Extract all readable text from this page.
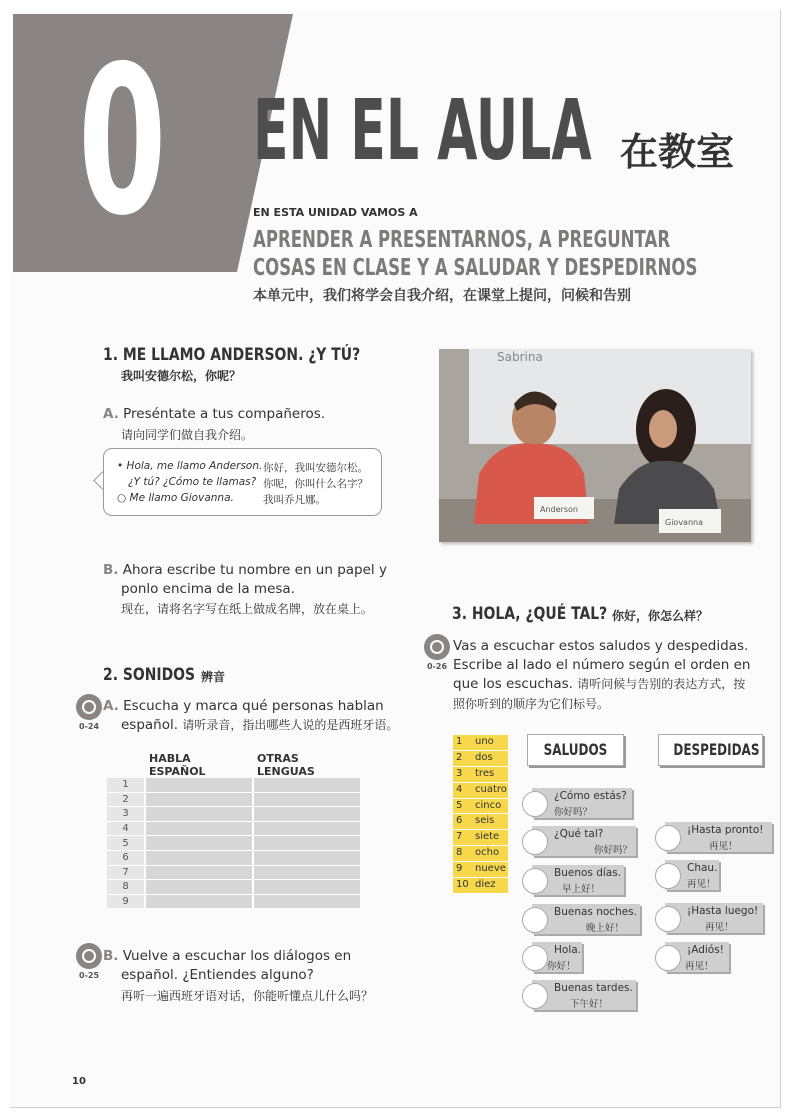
0 EN EL AULA 在教室
EN ESTA UNIDAD VAMOS A
APRENDER A PRESENTARNOS, A PREGUNTAR
COSAS EN CLASE Y A SALUDAR Y DESPEDIRNOS
本单元中，我们将学会自我介绍，在课堂上提问，问候和告别
1. ME LLAMO ANDERSON. ¿Y TÚ?
我叫安德尔松，你呢？
A. Preséntate a tus compañeros.
请向同学们做自我介绍。
• Hola, me llamo Anderson. 你好，我叫安德尔松。
¿Y tú? ¿Cómo te llamas? 你呢，你叫什么名字？
○ Me llamo Giovanna.	我叫乔凡娜。
B. Ahora escribe tu nombre en un papel y
ponlo encima de la mesa.
现在，请将名字写在纸上做成名牌，放在桌上。
Sabrina
Anderson
Giovanna
2. SONIDOS 辨音
0-24
A. Escucha y marca qué personas hablan
español. 请听录音，指出哪些人说的是西班牙语。
	HABLA ESPAÑOL	OTRAS LENGUAS
1		
2		
3		
4		
5		
6		
7		
8		
9		
0-25
B. Vuelve a escuchar los diálogos en
español. ¿Entiendes alguno?
再听一遍西班牙语对话，你能听懂点儿什么吗？
3. HOLA, ¿QUÉ TAL? 你好，你怎么样？
0-26
Vas a escuchar estos saludos y despedidas.
Escribe al lado el número según el orden en
que los escuchas. 请听问候与告别的表达方式，按
照你听到的顺序为它们标号。
1 uno
2 dos
3 tres
4 cuatro
5 cinco
6 seis
7 siete
8 ocho
9 nueve
10 diez
SALUDOS	DESPEDIDAS
¿Cómo estás?
你好吗？
¿Qué tal?
你好吗？
Buenos días.
早上好！
Buenas noches.
晚上好！
Hola.
你好！
Buenas tardes.
下午好！
¡Hasta pronto!
再见！
Chau.
再见！
¡Hasta luego!
再见！
¡Adiós!
再见！
10
